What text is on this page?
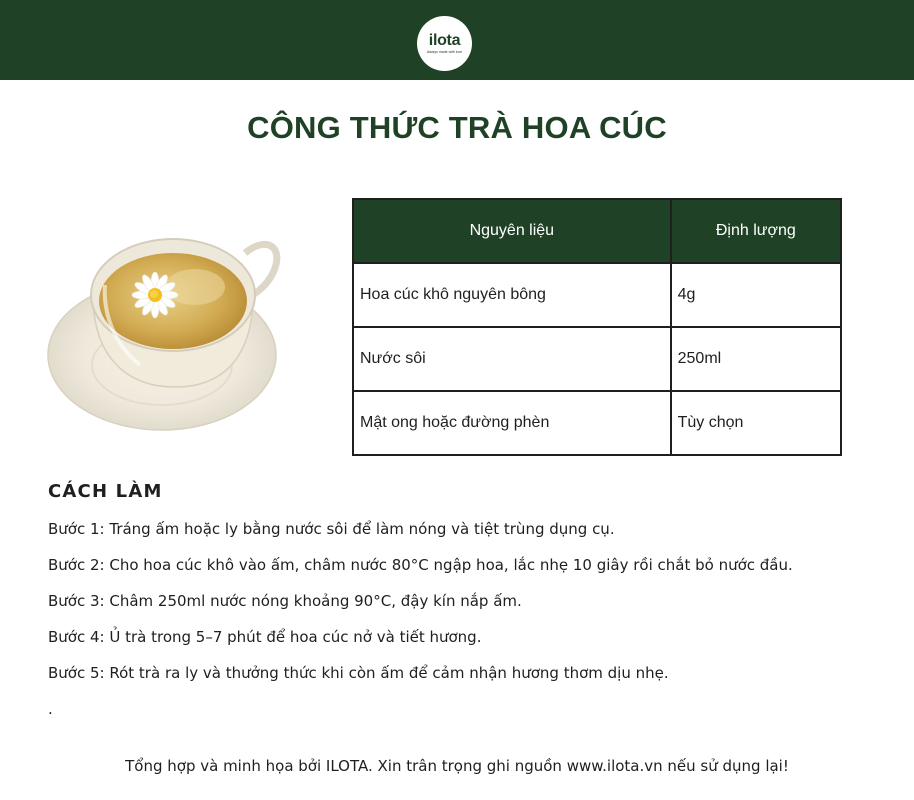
ilota
Always made with love
CÔNG THỨC TRÀ HOA CÚC
Nguyên liệu	Định lượng
Hoa cúc khô nguyên bông	4g
Nước sôi	250ml
Mật ong hoặc đường phèn	Tùy chọn
CÁCH LÀM

Bước 1: Tráng ấm hoặc ly bằng nước sôi để làm nóng và tiệt trùng dụng cụ.

Bước 2: Cho hoa cúc khô vào ấm, châm nước 80°C ngập hoa, lắc nhẹ 10 giây rồi chắt bỏ nước đầu.

Bước 3: Châm 250ml nước nóng khoảng 90°C, đậy kín nắp ấm.

Bước 4: Ủ trà trong 5–7 phút để hoa cúc nở và tiết hương.

Bước 5: Rót trà ra ly và thưởng thức khi còn ấm để cảm nhận hương thơm dịu nhẹ.

.

Tổng hợp và minh họa bởi ILOTA. Xin trân trọng ghi nguồn www.ilota.vn nếu sử dụng lại!
